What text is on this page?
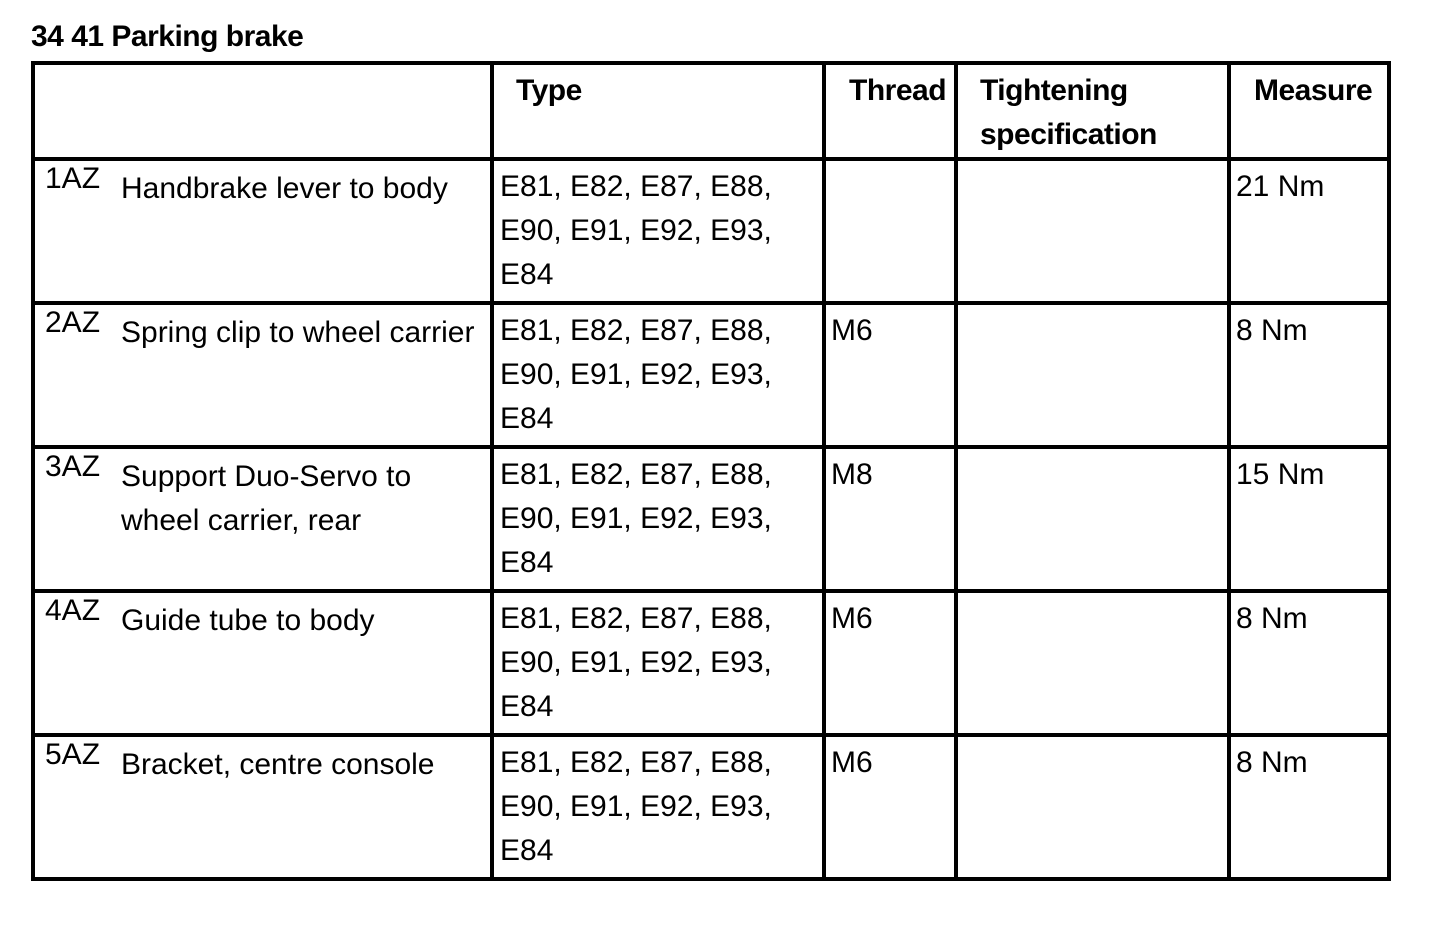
34 41 Parking brake

	Type	Thread	Tightening specification	Measure

1AZ Handbrake lever to body	E81, E82, E87, E88, E90, E91, E92, E93, E84			21 Nm
2AZ Spring clip to wheel carrier	E81, E82, E87, E88, E90, E91, E92, E93, E84	M6		8 Nm
3AZ Support Duo-Servo to wheel carrier, rear	E81, E82, E87, E88, E90, E91, E92, E93, E84	M8		15 Nm
4AZ Guide tube to body	E81, E82, E87, E88, E90, E91, E92, E93, E84	M6		8 Nm
5AZ Bracket, centre console	E81, E82, E87, E88, E90, E91, E92, E93, E84	M6		8 Nm
